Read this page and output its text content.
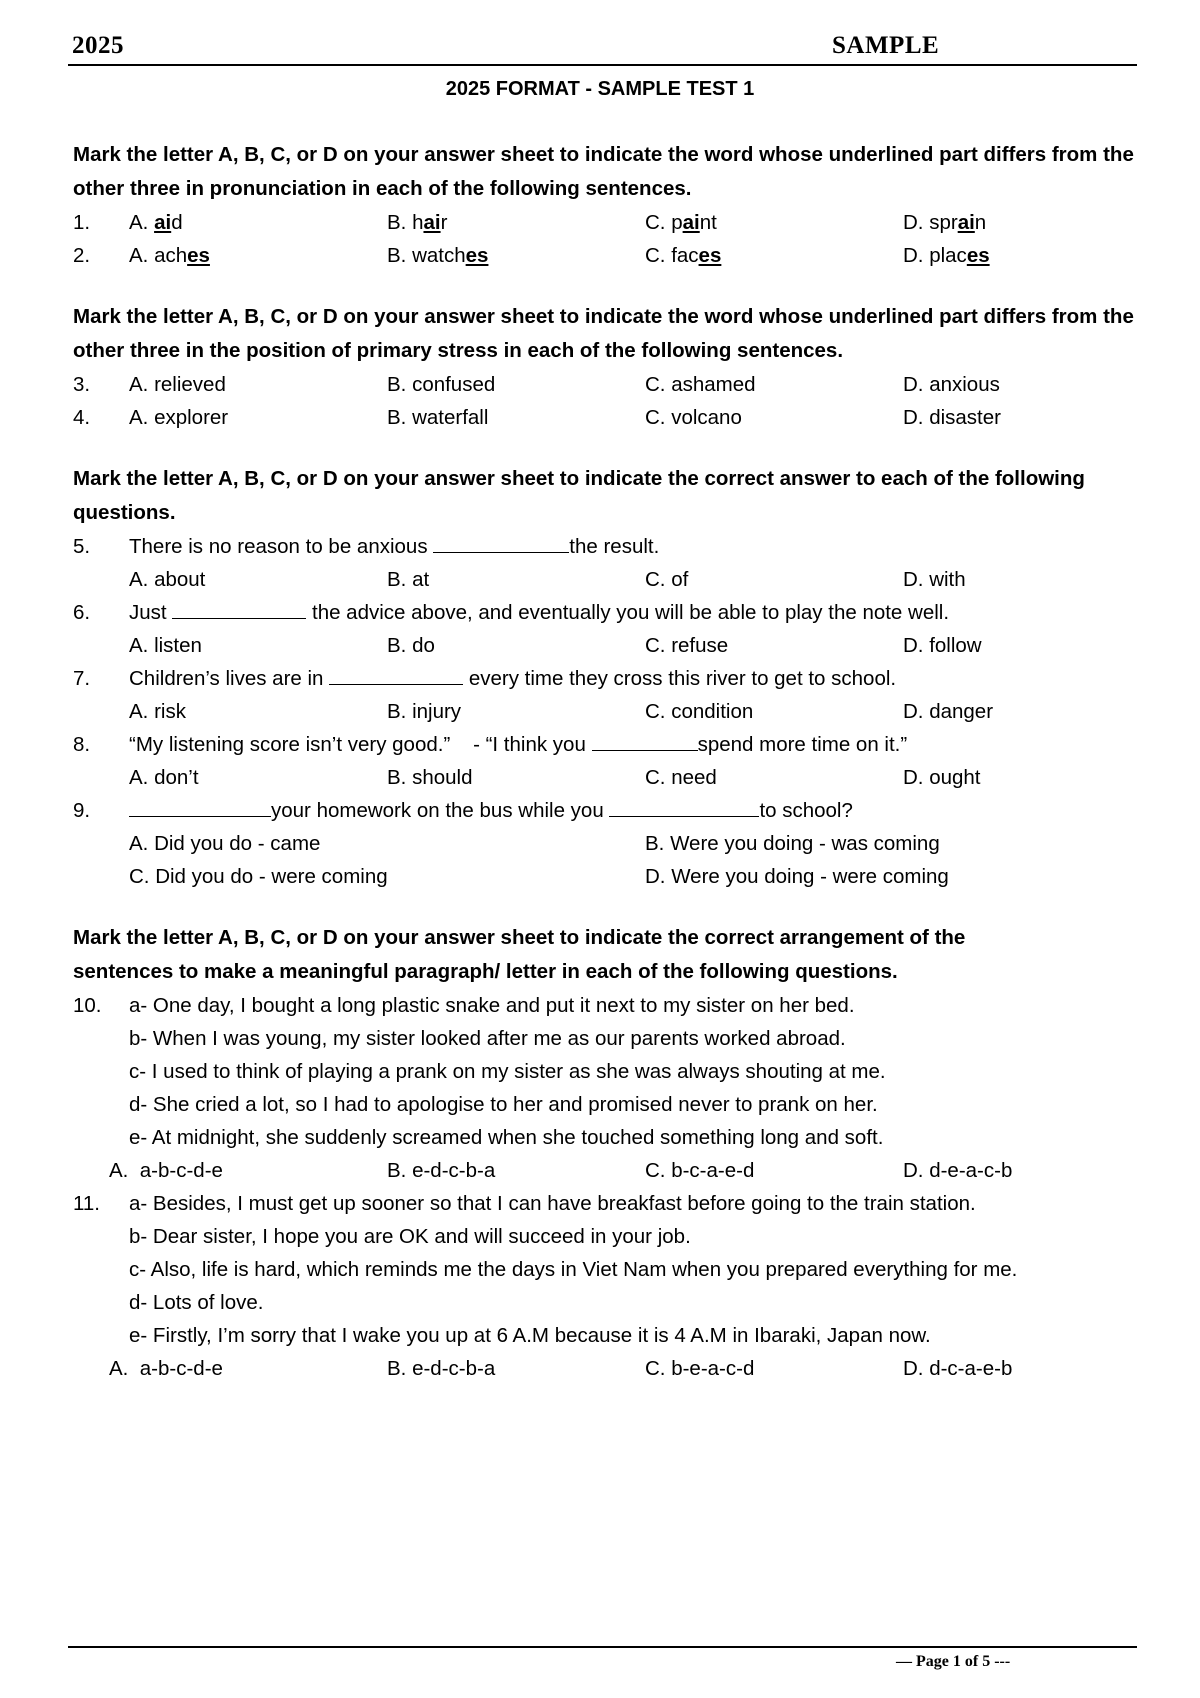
2025	SAMPLE
2025 FORMAT - SAMPLE TEST 1
Mark the letter A, B, C, or D on your answer sheet to indicate the word whose underlined part differs from the other three in pronunciation in each of the following sentences.
1.	A. aid	B. hair	C. paint	D. sprain
2.	A. aches	B. watches	C. faces	D. places
Mark the letter A, B, C, or D on your answer sheet to indicate the word whose underlined part differs from the other three in the position of primary stress in each of the following sentences.
3.	A. relieved	B. confused	C. ashamed	D. anxious
4.	A. explorer	B. waterfall	C. volcano	D. disaster
Mark the letter A, B, C, or D on your answer sheet to indicate the correct answer to each of the following questions.
5.	There is no reason to be anxious	the result.
A. about	B. at	C. of	D. with
6.	Just	the advice above, and eventually you will be able to play the note well.
A. listen	B. do	C. refuse	D. follow
7.	Children’s lives are in	every time they cross this river to get to school.
A. risk	B. injury	C. condition	D. danger
8.	“My listening score isn’t very good.”    - “I think you	spend more time on it.”
A. don’t	B. should	C. need	D. ought
9.	your homework on the bus while you	to school?
A. Did you do - came	B. Were you doing - was coming
C. Did you do - were coming	D. Were you doing - were coming
Mark the letter A, B, C, or D on your answer sheet to indicate the correct arrangement of the sentences to make a meaningful paragraph/ letter in each of the following questions.
10.	a- One day, I bought a long plastic snake and put it next to my sister on her bed.
b- When I was young, my sister looked after me as our parents worked abroad.
c- I used to think of playing a prank on my sister as she was always shouting at me.
d- She cried a lot, so I had to apologise to her and promised never to prank on her.
e- At midnight, she suddenly screamed when she touched something long and soft.
A.  a-b-c-d-e	B. e-d-c-b-a	C. b-c-a-e-d	D. d-e-a-c-b
11.	a- Besides, I must get up sooner so that I can have breakfast before going to the train station.
b- Dear sister, I hope you are OK and will succeed in your job.
c- Also, life is hard, which reminds me the days in Viet Nam when you prepared everything for me.
d- Lots of love.
e- Firstly, I’m sorry that I wake you up at 6 A.M because it is 4 A.M in Ibaraki, Japan now.
A.  a-b-c-d-e	B. e-d-c-b-a	C. b-e-a-c-d	D. d-c-a-e-b
— Page 1 of 5 ---
